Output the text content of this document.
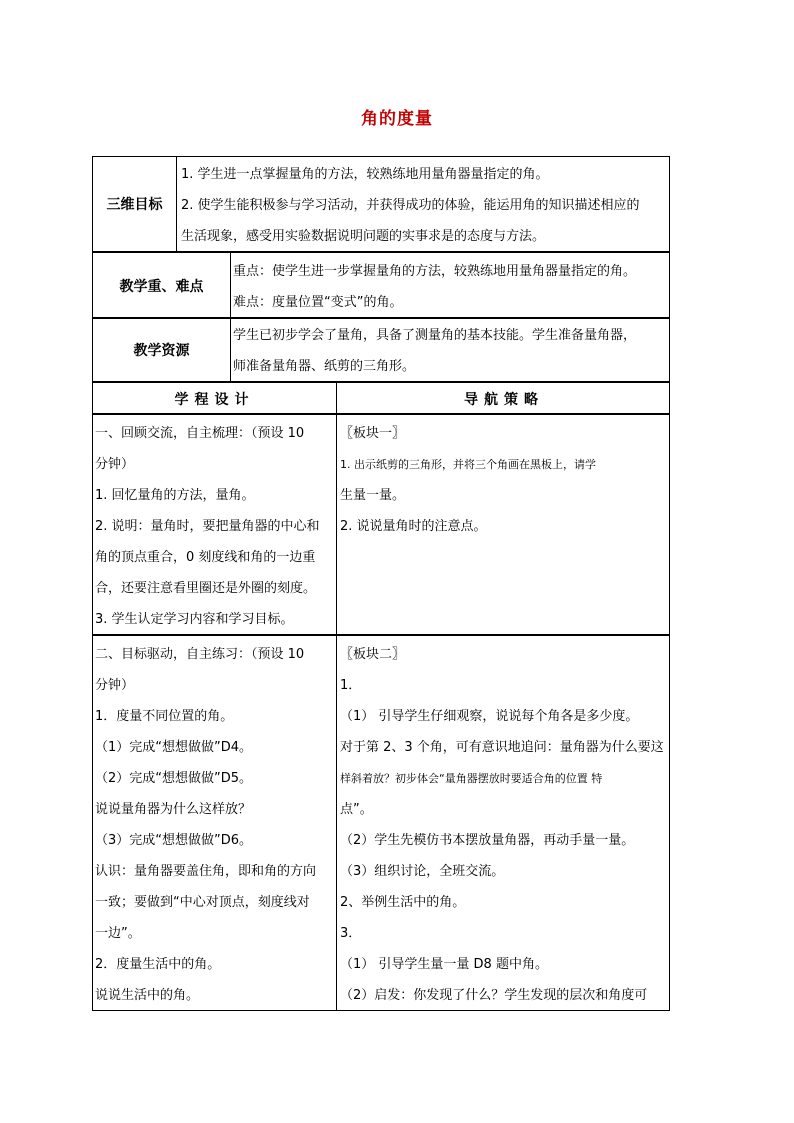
角的度量
三维目标

1. 学生进一点掌握量角的方法，较熟练地用量角器量指定的角。

2. 使学生能积极参与学习活动，并获得成功的体验，能运用角的知识描述相应的

生活现象，感受用实验数据说明问题的实事求是的态度与方法。

教学重、难点

重点：使学生进一步掌握量角的方法，较熟练地用量角器量指定的角。

难点：度量位置“变式”的角。

教学资源

学生已初步学会了量角，具备了测量角的基本技能。学生准备量角器，

师准备量角器、纸剪的三角形。

学程设计	导航策略

一、回顾交流，自主梳理：（预设 10

分钟）

1. 回忆量角的方法，量角。

2. 说明：量角时，要把量角器的中心和

角的顶点重合，0 刻度线和角的一边重

合，还要注意看里圈还是外圈的刻度。

3. 学生认定学习内容和学习目标。

〖板块一〗

1. 出示纸剪的三角形，并将三个角画在黑板上，请学

生量一量。

2. 说说量角时的注意点。

二、目标驱动，自主练习：（预设 10

分钟）

1．度量不同位置的角。

（1）完成“想想做做”D4。

（2）完成“想想做做”D5。

说说量角器为什么这样放？

（3）完成“想想做做”D6。

认识：量角器要盖住角，即和角的方向

一致；要做到“中心对顶点，刻度线对

一边”。

2．度量生活中的角。

说说生活中的角。

〖板块二〗

1．

（1） 引导学生仔细观察，说说每个角各是多少度。

对于第 2、3 个角，可有意识地追问：量角器为什么要这

样斜着放？初步体会“量角器摆放时要适合角的位置 特

点”。

（2）学生先模仿书本摆放量角器，再动手量一量。

（3）组织讨论，全班交流。

2、举例生活中的角。

3．

（1） 引导学生量一量 D8 题中角。

（2）启发：你发现了什么？学生发现的层次和角度可
